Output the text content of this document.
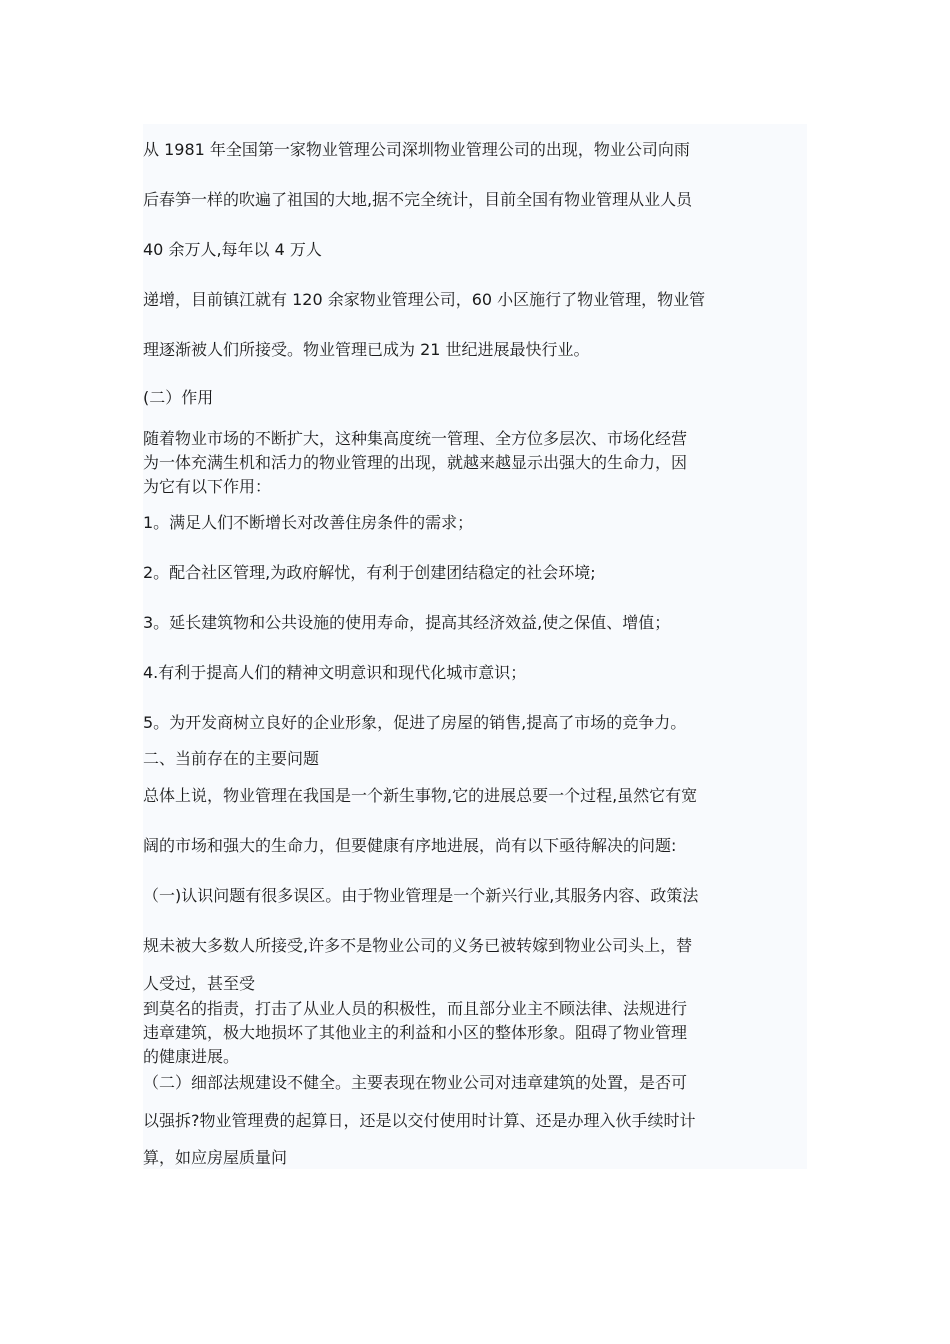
从 1981 年全国第一家物业管理公司深圳物业管理公司的出现，物业公司向雨
后春笋一样的吹遍了祖国的大地,据不完全统计，目前全国有物业管理从业人员
40 余万人,每年以 4 万人
递增，目前镇江就有 120 余家物业管理公司，60 小区施行了物业管理，物业管
理逐渐被人们所接受。物业管理已成为 21 世纪进展最快行业。
(二）作用
随着物业市场的不断扩大，这种集高度统一管理、全方位多层次、市场化经营
为一体充满生机和活力的物业管理的出现，就越来越显示出强大的生命力，因
为它有以下作用：
1。满足人们不断增长对改善住房条件的需求；
2。配合社区管理,为政府解忧，有利于创建团结稳定的社会环境;
3。延长建筑物和公共设施的使用寿命，提高其经济效益,使之保值、增值；
4.有利于提高人们的精神文明意识和现代化城市意识；
5。为开发商树立良好的企业形象，促进了房屋的销售,提高了市场的竞争力。
二、当前存在的主要问题
总体上说，物业管理在我国是一个新生事物,它的进展总要一个过程,虽然它有宽
阔的市场和强大的生命力，但要健康有序地进展，尚有以下亟待解决的问题:
（一)认识问题有很多误区。由于物业管理是一个新兴行业,其服务内容、政策法
规未被大多数人所接受,许多不是物业公司的义务已被转嫁到物业公司头上，替
人受过，甚至受
到莫名的指责，打击了从业人员的积极性，而且部分业主不顾法律、法规进行
违章建筑，极大地损坏了其他业主的利益和小区的整体形象。阻碍了物业管理
的健康进展。
（二）细部法规建设不健全。主要表现在物业公司对违章建筑的处置，是否可
以强拆?物业管理费的起算日，还是以交付使用时计算、还是办理入伙手续时计
算，如应房屋质量问
